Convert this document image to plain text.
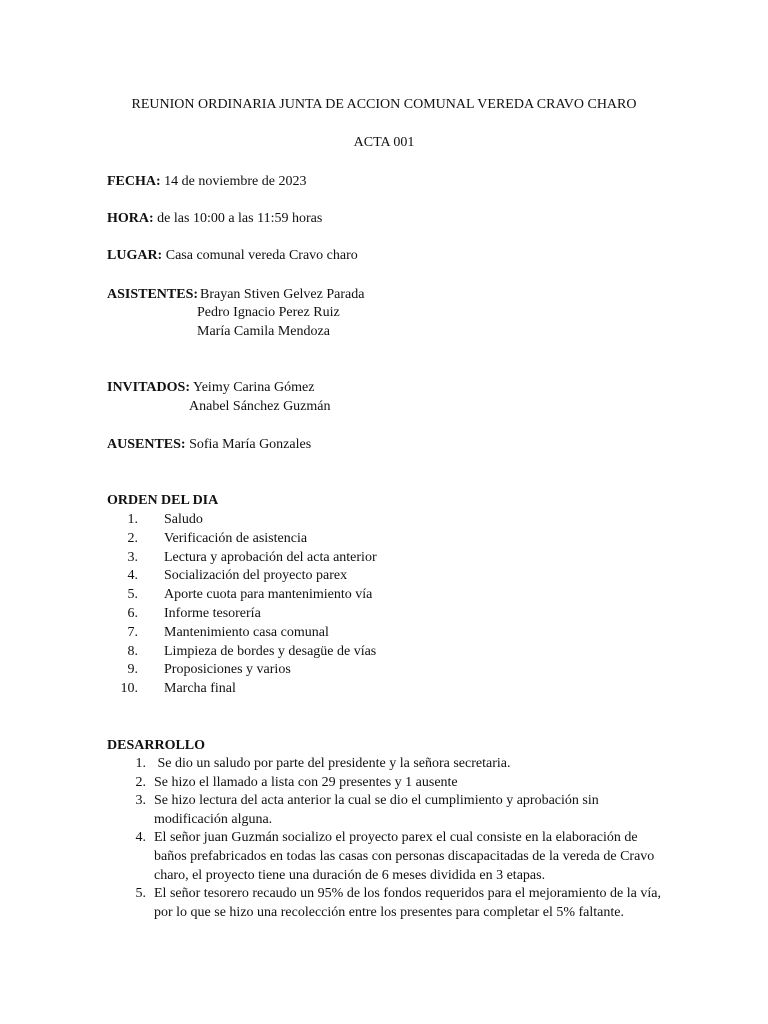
REUNION ORDINARIA JUNTA DE ACCION COMUNAL VEREDA CRAVO CHARO
ACTA 001
FECHA: 14 de noviembre de 2023
HORA: de las 10:00 a las 11:59 horas
LUGAR: Casa comunal vereda Cravo charo
ASISTENTES: Brayan Stiven Gelvez Parada
Pedro Ignacio Perez Ruiz
María Camila Mendoza
INVITADOS: Yeimy Carina Gómez
Anabel Sánchez Guzmán
AUSENTES: Sofia María Gonzales
ORDEN DEL DIA
1. Saludo
2. Verificación de asistencia
3. Lectura y aprobación del acta anterior
4. Socialización del proyecto parex
5. Aporte cuota para mantenimiento vía
6. Informe tesorería
7. Mantenimiento casa comunal
8. Limpieza de bordes y desagüe de vías
9. Proposiciones y varios
10. Marcha final
DESARROLLO
1. Se dio un saludo por parte del presidente y la señora secretaria.
2. Se hizo el llamado a lista con 29 presentes y 1 ausente
3. Se hizo lectura del acta anterior la cual se dio el cumplimiento y aprobación sin modificación alguna.
4. El señor juan Guzmán socializo el proyecto parex el cual consiste en la elaboración de baños prefabricados en todas las casas con personas discapacitadas de la vereda de Cravo charo, el proyecto tiene una duración de 6 meses dividida en 3 etapas.
5. El señor tesorero recaudo un 95% de los fondos requeridos para el mejoramiento de la vía, por lo que se hizo una recolección entre los presentes para completar el 5% faltante.
